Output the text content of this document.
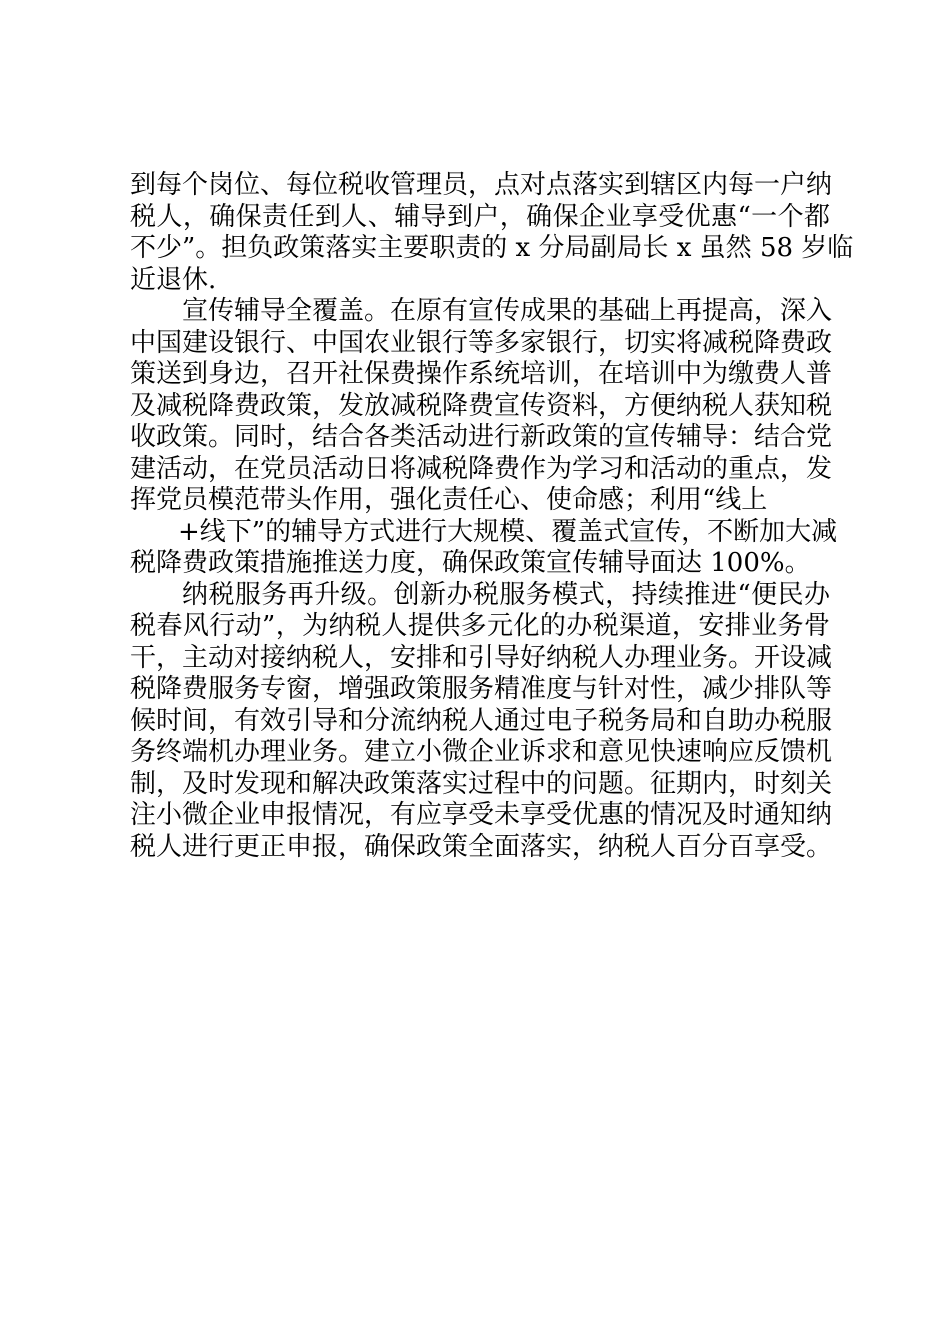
到每个岗位、每位税收管理员，点对点落实到辖区内每一户纳
税人，确保责任到人、辅导到户，确保企业享受优惠“一个都
不少”。担负政策落实主要职责的 x 分局副局长 x 虽然 58 岁临
近退休.
宣传辅导全覆盖。在原有宣传成果的基础上再提高，深入
中国建设银行、中国农业银行等多家银行，切实将减税降费政
策送到身边，召开社保费操作系统培训，在培训中为缴费人普
及减税降费政策，发放减税降费宣传资料，方便纳税人获知税
收政策。同时，结合各类活动进行新政策的宣传辅导：结合党
建活动，在党员活动日将减税降费作为学习和活动的重点，发
挥党员模范带头作用，强化责任心、使命感；利用“线上
+线下”的辅导方式进行大规模、覆盖式宣传，不断加大减
税降费政策措施推送力度，确保政策宣传辅导面达 100%。
纳税服务再升级。创新办税服务模式，持续推进“便民办
税春风行动”，为纳税人提供多元化的办税渠道，安排业务骨
干，主动对接纳税人，安排和引导好纳税人办理业务。开设减
税降费服务专窗，增强政策服务精准度与针对性，减少排队等
候时间，有效引导和分流纳税人通过电子税务局和自助办税服
务终端机办理业务。建立小微企业诉求和意见快速响应反馈机
制，及时发现和解决政策落实过程中的问题。征期内，时刻关
注小微企业申报情况，有应享受未享受优惠的情况及时通知纳
税人进行更正申报，确保政策全面落实，纳税人百分百享受。
